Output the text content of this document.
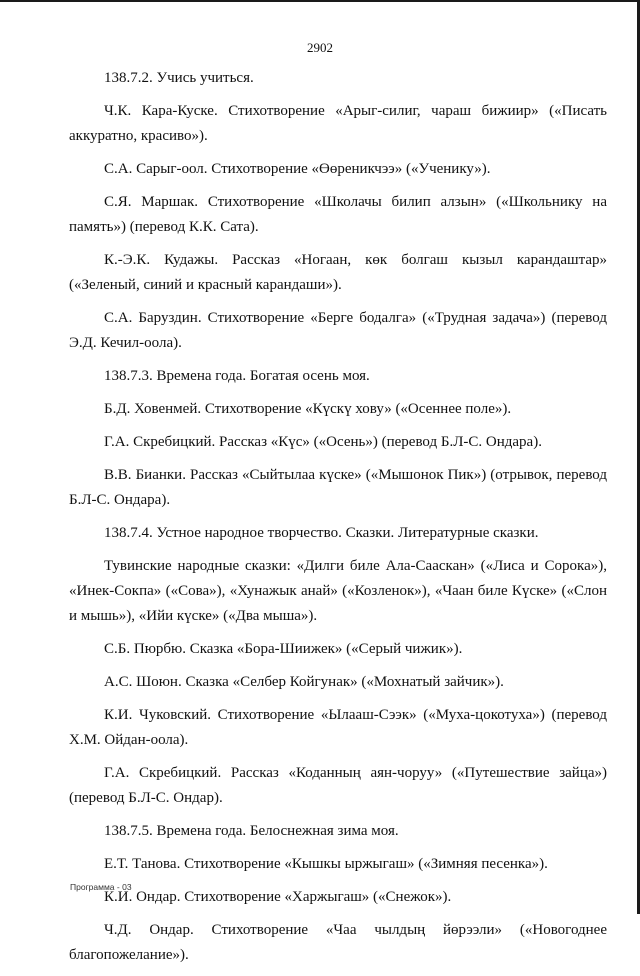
2902

138.7.2. Учись учиться.

Ч.К. Кара-Куске. Стихотворение «Арыг-силиг, чараш бижиир» («Писать аккуратно, красиво»).

С.А. Сарыг-оол. Стихотворение «Өөреникчээ» («Ученику»).

С.Я. Маршак. Стихотворение «Школачы билип алзын» («Школьнику на память») (перевод К.К. Сата).

К.-Э.К. Кудажы. Рассказ «Ногаан, көк болгаш кызыл карандаштар» («Зеленый, синий и красный карандаши»).

С.А. Баруздин. Стихотворение «Берге бодалга» («Трудная задача») (перевод Э.Д. Кечил-оола).

138.7.3. Времена года. Богатая осень моя.

Б.Д. Ховенмей. Стихотворение «Күскү хову» («Осеннее поле»).

Г.А. Скребицкий. Рассказ «Күс» («Осень») (перевод Б.Л-С. Ондара).

В.В. Бианки. Рассказ «Сыйтылаа күске» («Мышонок Пик») (отрывок, перевод Б.Л-С. Ондара).

138.7.4. Устное народное творчество. Сказки. Литературные сказки.

Тувинские народные сказки: «Дилги биле Ала-Сааскан» («Лиса и Сорока»), «Инек-Сокпа» («Сова»), «Хунажык анай» («Козленок»), «Чаан биле Күске» («Слон и мышь»), «Ийи күске» («Два мыша»).

С.Б. Пюрбю. Сказка «Бора-Шиижек» («Серый чижик»).

А.С. Шоюн. Сказка «Селбер Койгунак» («Мохнатый зайчик»).

К.И. Чуковский. Стихотворение «Ылааш-Сээк» («Муха-цокотуха») (перевод Х.М. Ойдан-оола).

Г.А. Скребицкий. Рассказ «Коданның аян-чоруу» («Путешествие зайца») (перевод Б.Л-С. Ондар).

138.7.5. Времена года. Белоснежная зима моя.

Е.Т. Танова. Стихотворение «Кышкы ыржыгаш» («Зимняя песенка»).

К.И. Ондар. Стихотворение «Харжыгаш» («Снежок»).

Ч.Д. Ондар. Стихотворение «Чаа чылдың йөрээли» («Новогоднее благопожелание»).

Программа - 03
